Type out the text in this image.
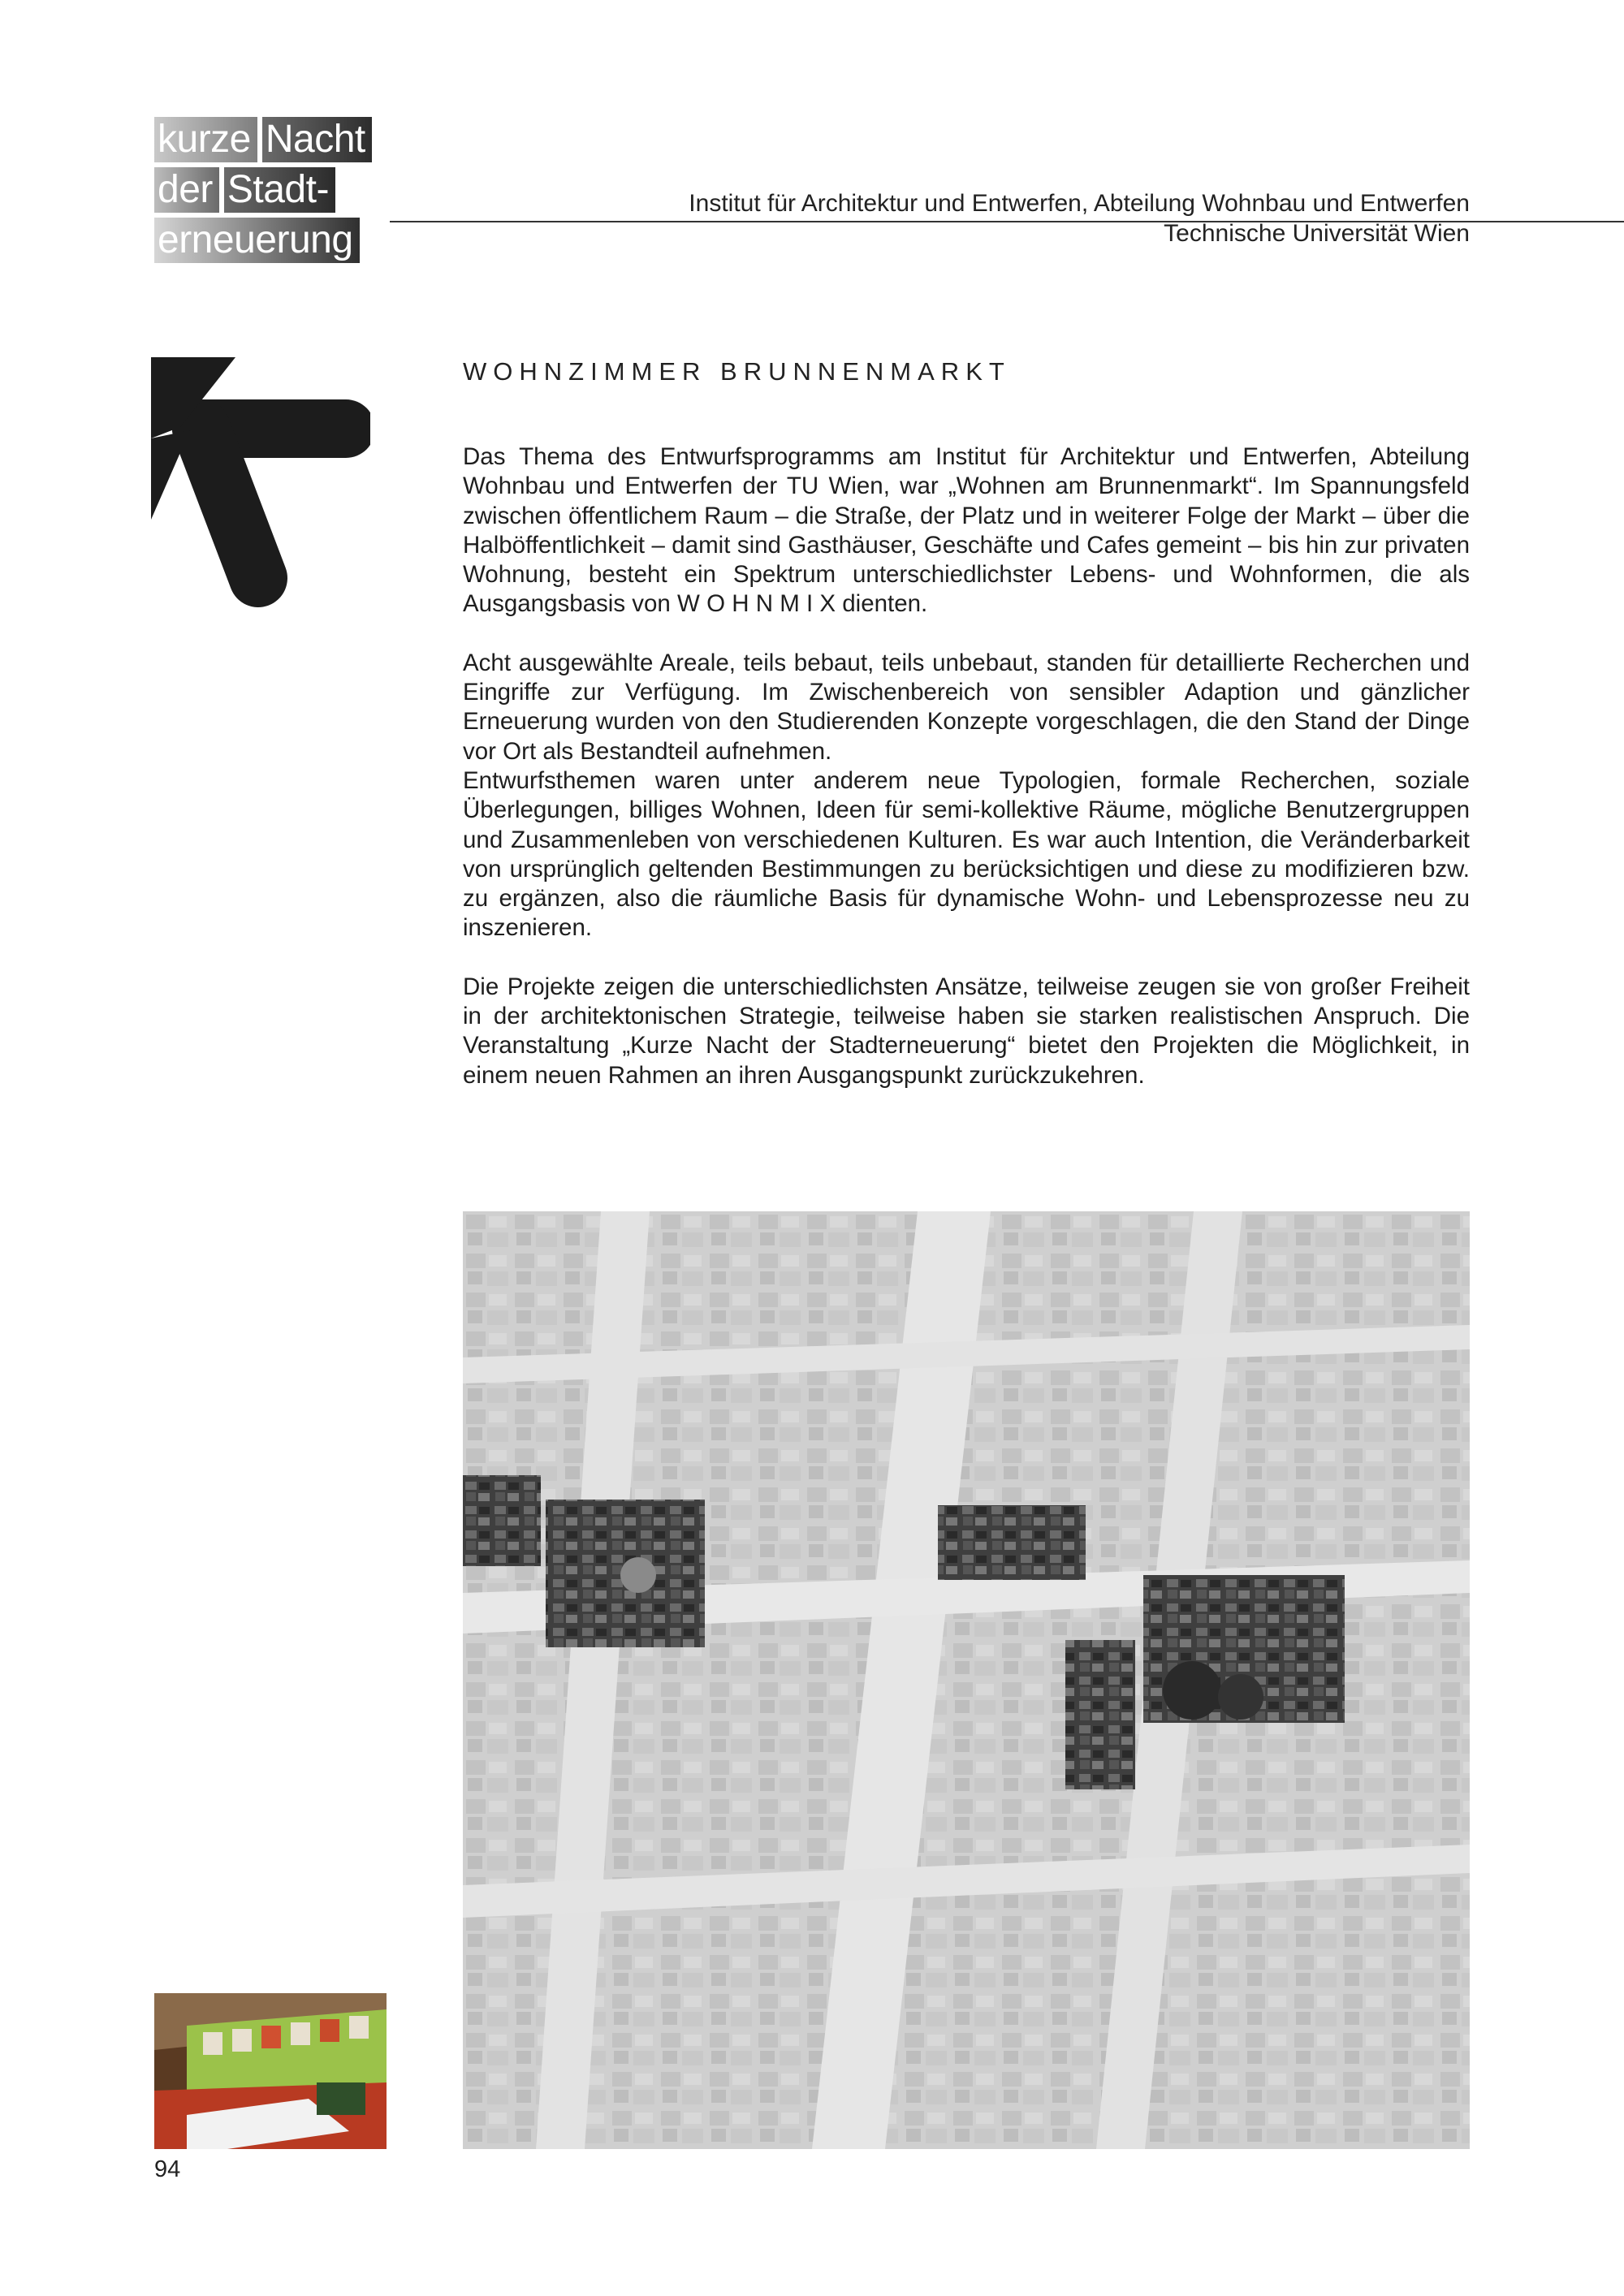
kurze Nacht
der Stadt-
erneuerung
Institut für Architektur und Entwerfen, Abteilung Wohnbau und Entwerfen
Technische Universität Wien
WOHNZIMMER BRUNNENMARKT

Das Thema des Entwurfsprogramms am Institut für Architektur und Entwerfen, Abteilung Wohnbau und Entwerfen der TU Wien, war „Wohnen am Brunnenmarkt“. Im Spannungsfeld zwischen öffentlichem Raum – die Straße, der Platz und in weiterer Folge der Markt – über die Halböffentlichkeit – damit sind Gasthäuser, Geschäfte und Cafes gemeint – bis hin zur privaten Wohnung, besteht ein Spektrum unterschiedlichster Lebens- und Wohnformen, die als Ausgangsbasis von W O H N M I X dienten.

Acht ausgewählte Areale, teils bebaut, teils unbebaut, standen für detaillierte Recherchen und Eingriffe zur Verfügung. Im Zwischenbereich von sensibler Adaption und gänzlicher Erneuerung wurden von den Studierenden Konzepte vorgeschlagen, die den Stand der Dinge vor Ort als Bestandteil aufnehmen.

Entwurfsthemen waren unter anderem neue Typologien, formale Recherchen, soziale Überlegungen, billiges Wohnen, Ideen für semi-kollektive Räume, mögliche Benutzergruppen und Zusammenleben von verschiedenen Kulturen. Es war auch Intention, die Veränderbarkeit von ursprünglich geltenden Bestimmungen zu berücksichtigen und diese zu modifizieren bzw. zu ergänzen, also die räumliche Basis für dynamische Wohn- und Lebensprozesse neu zu inszenieren.

Die Projekte zeigen die unterschiedlichsten Ansätze, teilweise zeugen sie von großer Freiheit in der architektonischen Strategie, teilweise haben sie starken realistischen Anspruch. Die Veranstaltung „Kurze Nacht der Stadterneuerung“ bietet den Projekten die Möglichkeit, in einem neuen Rahmen an ihren Ausgangspunkt zurückzukehren.

94
